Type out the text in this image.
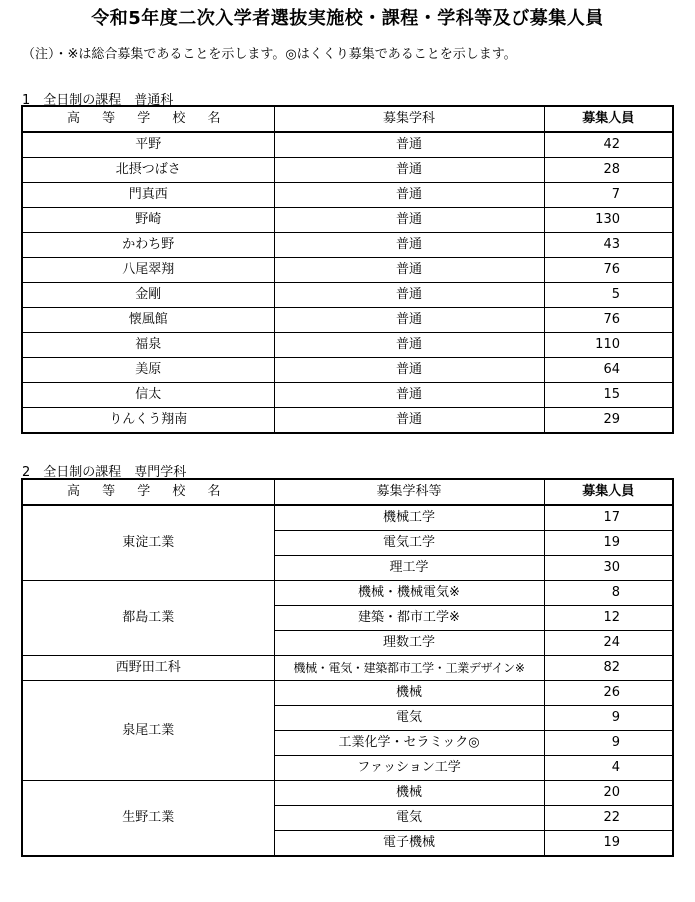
令和5年度二次入学者選抜実施校・課程・学科等及び募集人員
（注）・※は総合募集であることを示します。◎はくくり募集であることを示します。
1　全日制の課程　普通科
高 等 学 校 名	募集学科	募集人員
平野	普通	42
北摂つばさ	普通	28
門真西	普通	7
野崎	普通	130
かわち野	普通	43
八尾翠翔	普通	76
金剛	普通	5
懐風館	普通	76
福泉	普通	110
美原	普通	64
信太	普通	15
りんくう翔南	普通	29
2　全日制の課程　専門学科
高 等 学 校 名	募集学科等	募集人員
東淀工業	機械工学	17
	電気工学	19
	理工学	30
都島工業	機械・機械電気※	8
	建築・都市工学※	12
	理数工学	24
西野田工科	機械・電気・建築都市工学・工業デザイン※	82
泉尾工業	機械	26
	電気	9
	工業化学・セラミック◎	9
	ファッション工学	4
生野工業	機械	20
	電気	22
	電子機械	19
